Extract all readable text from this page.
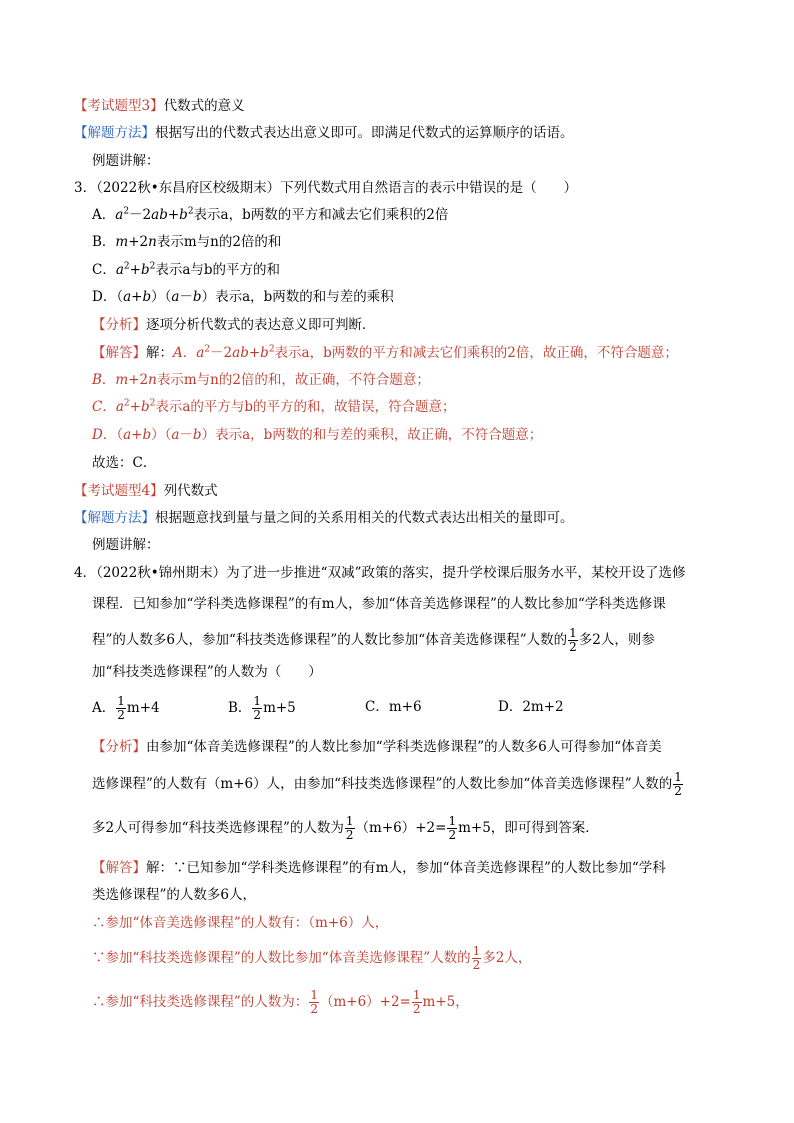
【考试题型3】代数式的意义
【解题方法】根据写出的代数式表达出意义即可。即满足代数式的运算顺序的话语。
例题讲解：
3．（2022秋•东昌府区校级期末）下列代数式用自然语言的表示中错误的是（　　）
A．$a^2-2ab+b^2$表示a，b两数的平方和减去它们乘积的2倍
B．m+2n表示m与n的2倍的和
C．$a^2+b^2$表示a与b的平方的和
D．（a+b）（a－b）表示a，b两数的和与差的乘积
【分析】逐项分析代数式的表达意义即可判断．
【解答】解：A．$a^2-2ab+b^2$表示a，b两数的平方和减去它们乘积的2倍，故正确，不符合题意；
B．m+2n表示m与n的2倍的和，故正确，不符合题意；
C．$a^2+b^2$表示a的平方与b的平方的和，故错误，符合题意；
D．（a+b）（a－b）表示a，b两数的和与差的乘积，故正确，不符合题意；
故选：C．
【考试题型4】列代数式
【解题方法】根据题意找到量与量之间的关系用相关的代数式表达出相关的量即可。
例题讲解：
4．（2022秋•锦州期末）为了进一步推进“双减”政策的落实，提升学校课后服务水平，某校开设了选修
课程．已知参加“学科类选修课程”的有m人，参加“体音美选修课程”的人数比参加“学科类选修课
程”的人数多6人，参加“科技类选修课程”的人数比参加“体音美选修课程”人数的 $\frac{1}{2}$ 多2人，则参
加“科技类选修课程”的人数为（　　）
A． $\frac{1}{2} m+4$	B． $\frac{1}{2} m+5$	C．m+6	D．2m+2
【分析】由参加“体音美选修课程”的人数比参加“学科类选修课程”的人数多6人可得参加“体音美
选修课程”的人数有（m+6）人，由参加“科技类选修课程”的人数比参加“体音美选修课程”人数的 $\frac{1}{2}$
多2人可得参加“科技类选修课程”的人数为 $\frac{1}{2} (m+6)+2= \frac{1}{2} m+5$，即可得到答案．
【解答】解：∵已知参加“学科类选修课程”的有m人，参加“体音美选修课程”的人数比参加“学科
类选修课程”的人数多6人，
∴参加“体音美选修课程”的人数有：（m+6）人，
∵参加“科技类选修课程”的人数比参加“体音美选修课程”人数的 $\frac{1}{2}$ 多2人，
∴参加“科技类选修课程”的人数为： $\frac{1}{2} (m+6)+2= \frac{1}{2} m+5$，
